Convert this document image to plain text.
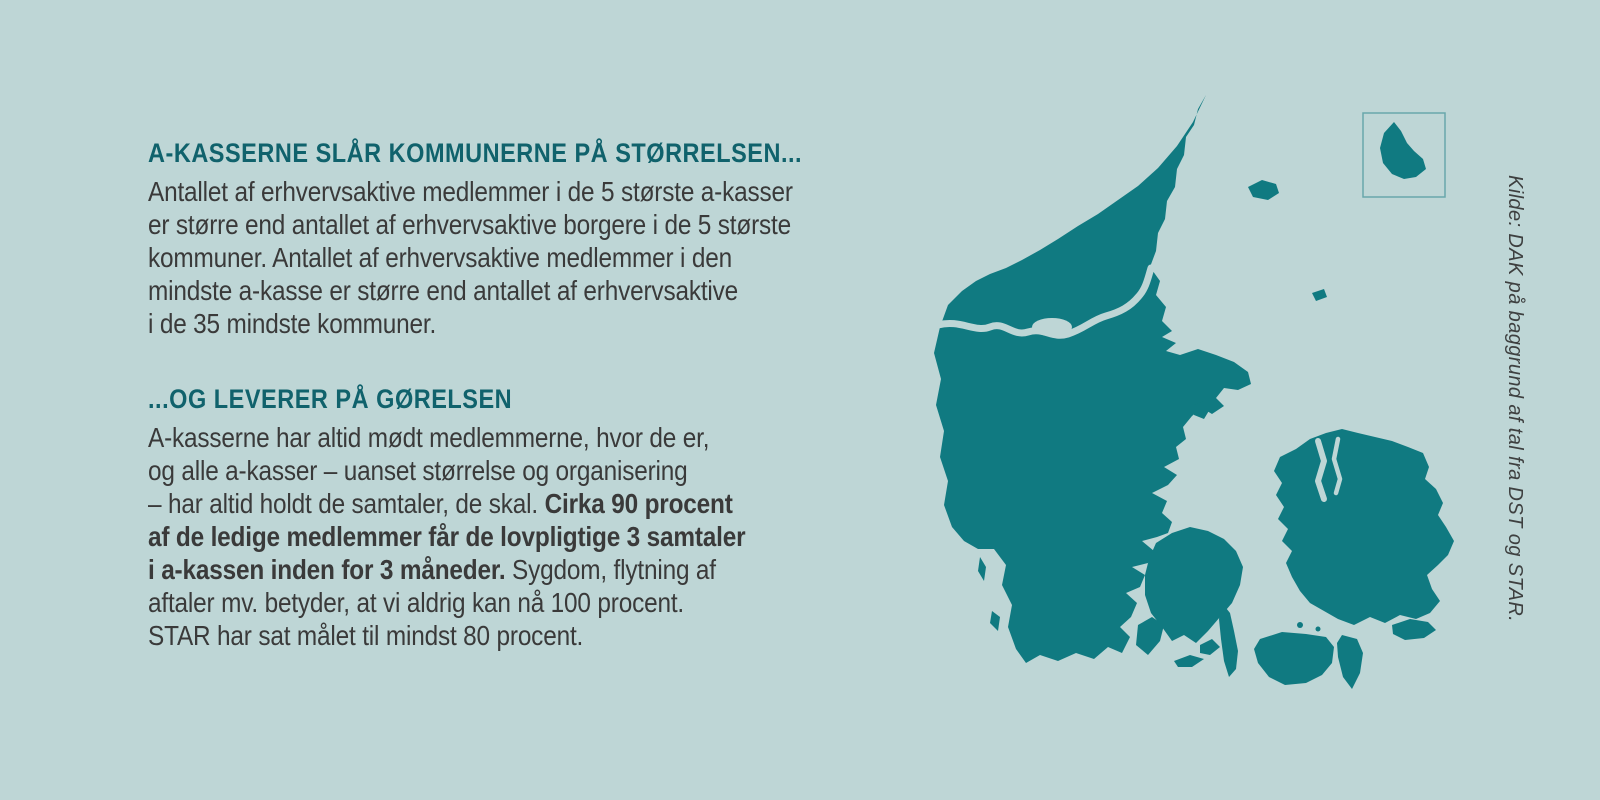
A-KASSERNE SLÅR KOMMUNERNE PÅ STØRRELSEN...

Antallet af erhvervsaktive medlemmer i de 5 største a-kasser
er større end antallet af erhvervsaktive borgere i de 5 største
kommuner. Antallet af erhvervsaktive medlemmer i den
mindste a-kasse er større end antallet af erhvervsaktive
i de 35 mindste kommuner.

...OG LEVERER PÅ GØRELSEN

A-kasserne har altid mødt medlemmerne, hvor de er,
og alle a-kasser – uanset størrelse og organisering
– har altid holdt de samtaler, de skal. Cirka 90 procent
af de ledige medlemmer får de lovpligtige 3 samtaler
i a-kassen inden for 3 måneder. Sygdom, flytning af
aftaler mv. betyder, at vi aldrig kan nå 100 procent.
STAR har sat målet til mindst 80 procent.

Kilde: DAK på baggrund af tal fra DST og STAR.
